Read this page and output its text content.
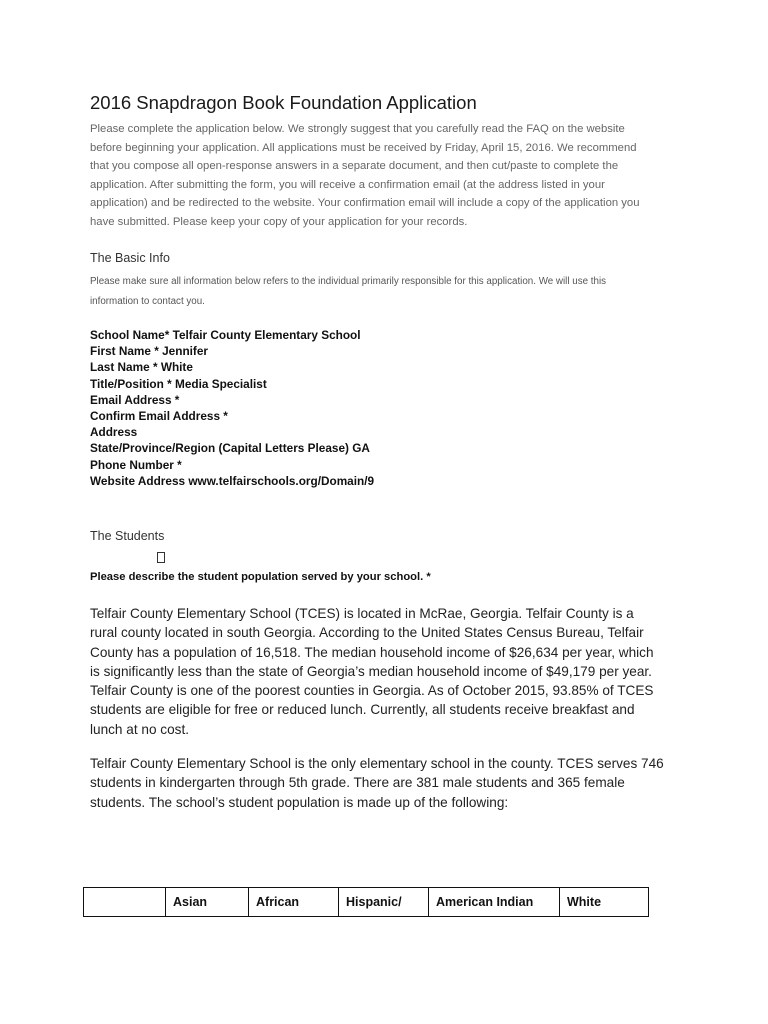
2016 Snapdragon Book Foundation Application
Please complete the application below. We strongly suggest that you carefully read the FAQ on the website
before beginning your application. All applications must be received by Friday, April 15, 2016. We recommend
that you compose all open-response answers in a separate document, and then cut/paste to complete the
application. After submitting the form, you will receive a confirmation email (at the address listed in your
application) and be redirected to the website. Your confirmation email will include a copy of the application you
have submitted. Please keep your copy of your application for your records.
The Basic Info
Please make sure all information below refers to the individual primarily responsible for this application. We will use this
information to contact you.
School Name* Telfair County Elementary School
First Name * Jennifer
Last Name * White
Title/Position * Media Specialist
Email Address *
Confirm Email Address *
Address
State/Province/Region (Capital Letters Please) GA
Phone Number *
Website Address www.telfairschools.org/Domain/9
The Students
Please describe the student population served by your school. *
Telfair County Elementary School (TCES) is located in McRae, Georgia. Telfair County is a
rural county located in south Georgia. According to the United States Census Bureau, Telfair
County has a population of 16,518. The median household income of $26,634 per year, which
is significantly less than the state of Georgia’s median household income of $49,179 per year.
Telfair County is one of the poorest counties in Georgia. As of October 2015, 93.85% of TCES
students are eligible for free or reduced lunch. Currently, all students receive breakfast and
lunch at no cost.
Telfair County Elementary School is the only elementary school in the county. TCES serves 746
students in kindergarten through 5th grade. There are 381 male students and 365 female
students. The school’s student population is made up of the following:
	Asian	African	Hispanic/	American Indian	White
